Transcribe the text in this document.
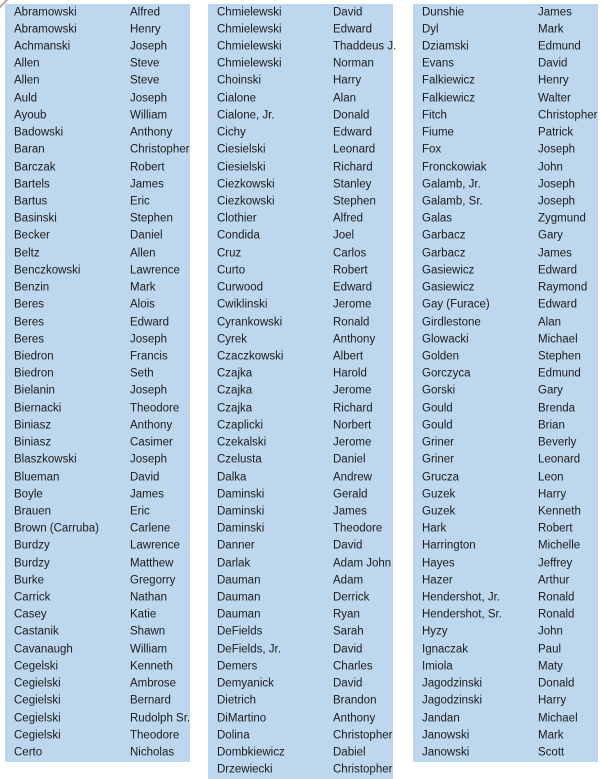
Abramowski	Alfred
Abramowski	Henry
Achmanski	Joseph
Allen	Steve
Allen	Steve
Auld	Joseph
Ayoub	William
Badowski	Anthony
Baran	Christopher
Barczak	Robert
Bartels	James
Bartus	Eric
Basinski	Stephen
Becker	Daniel
Beltz	Allen
Benczkowski	Lawrence
Benzin	Mark
Beres	Alois
Beres	Edward
Beres	Joseph
Biedron	Francis
Biedron	Seth
Bielanin	Joseph
Biernacki	Theodore
Biniasz	Anthony
Biniasz	Casimer
Blaszkowski	Joseph
Blueman	David
Boyle	James
Brauen	Eric
Brown (Carruba)	Carlene
Burdzy	Lawrence
Burdzy	Matthew
Burke	Gregorry
Carrick	Nathan
Casey	Katie
Castanik	Shawn
Cavanaugh	William
Cegelski	Kenneth
Cegielski	Ambrose
Cegielski	Bernard
Cegielski	Rudolph Sr.
Cegielski	Theodore
Certo	Nicholas
Chmielewski	David
Chmielewski	Edward
Chmielewski	Thaddeus J.
Chmielewski	Norman
Choinski	Harry
Cialone	Alan
Cialone, Jr.	Donald
Cichy	Edward
Ciesielski	Leonard
Ciesielski	Richard
Ciezkowski	Stanley
Ciezkowski	Stephen
Clothier	Alfred
Condida	Joel
Cruz	Carlos
Curto	Robert
Curwood	Edward
Cwiklinski	Jerome
Cyrankowski	Ronald
Cyrek	Anthony
Czaczkowski	Albert
Czajka	Harold
Czajka	Jerome
Czajka	Richard
Czaplicki	Norbert
Czekalski	Jerome
Czelusta	Daniel
Dalka	Andrew
Daminski	Gerald
Daminski	James
Daminski	Theodore
Danner	David
Darlak	Adam John
Dauman	Adam
Dauman	Derrick
Dauman	Ryan
DeFields	Sarah
DeFields, Jr.	David
Demers	Charles
Demyanick	David
Dietrich	Brandon
DiMartino	Anthony
Dolina	Christopher
Dombkiewicz	Dabiel
Drzewiecki	Christopher
Dunshie	James
Dyl	Mark
Dziamski	Edmund
Evans	David
Falkiewicz	Henry
Falkiewicz	Walter
Fitch	Christopher
Fiume	Patrick
Fox	Joseph
Fronckowiak	John
Galamb, Jr.	Joseph
Galamb, Sr.	Joseph
Galas	Zygmund
Garbacz	Gary
Garbacz	James
Gasiewicz	Edward
Gasiewicz	Raymond
Gay (Furace)	Edward
Girdlestone	Alan
Glowacki	Michael
Golden	Stephen
Gorczyca	Edmund
Gorski	Gary
Gould	Brenda
Gould	Brian
Griner	Beverly
Griner	Leonard
Grucza	Leon
Guzek	Harry
Guzek	Kenneth
Hark	Robert
Harrington	Michelle
Hayes	Jeffrey
Hazer	Arthur
Hendershot, Jr.	Ronald
Hendershot, Sr.	Ronald
Hyzy	John
Ignaczak	Paul
Imiola	Maty
Jagodzinski	Donald
Jagodzinski	Harry
Jandan	Michael
Janowski	Mark
Janowski	Scott
